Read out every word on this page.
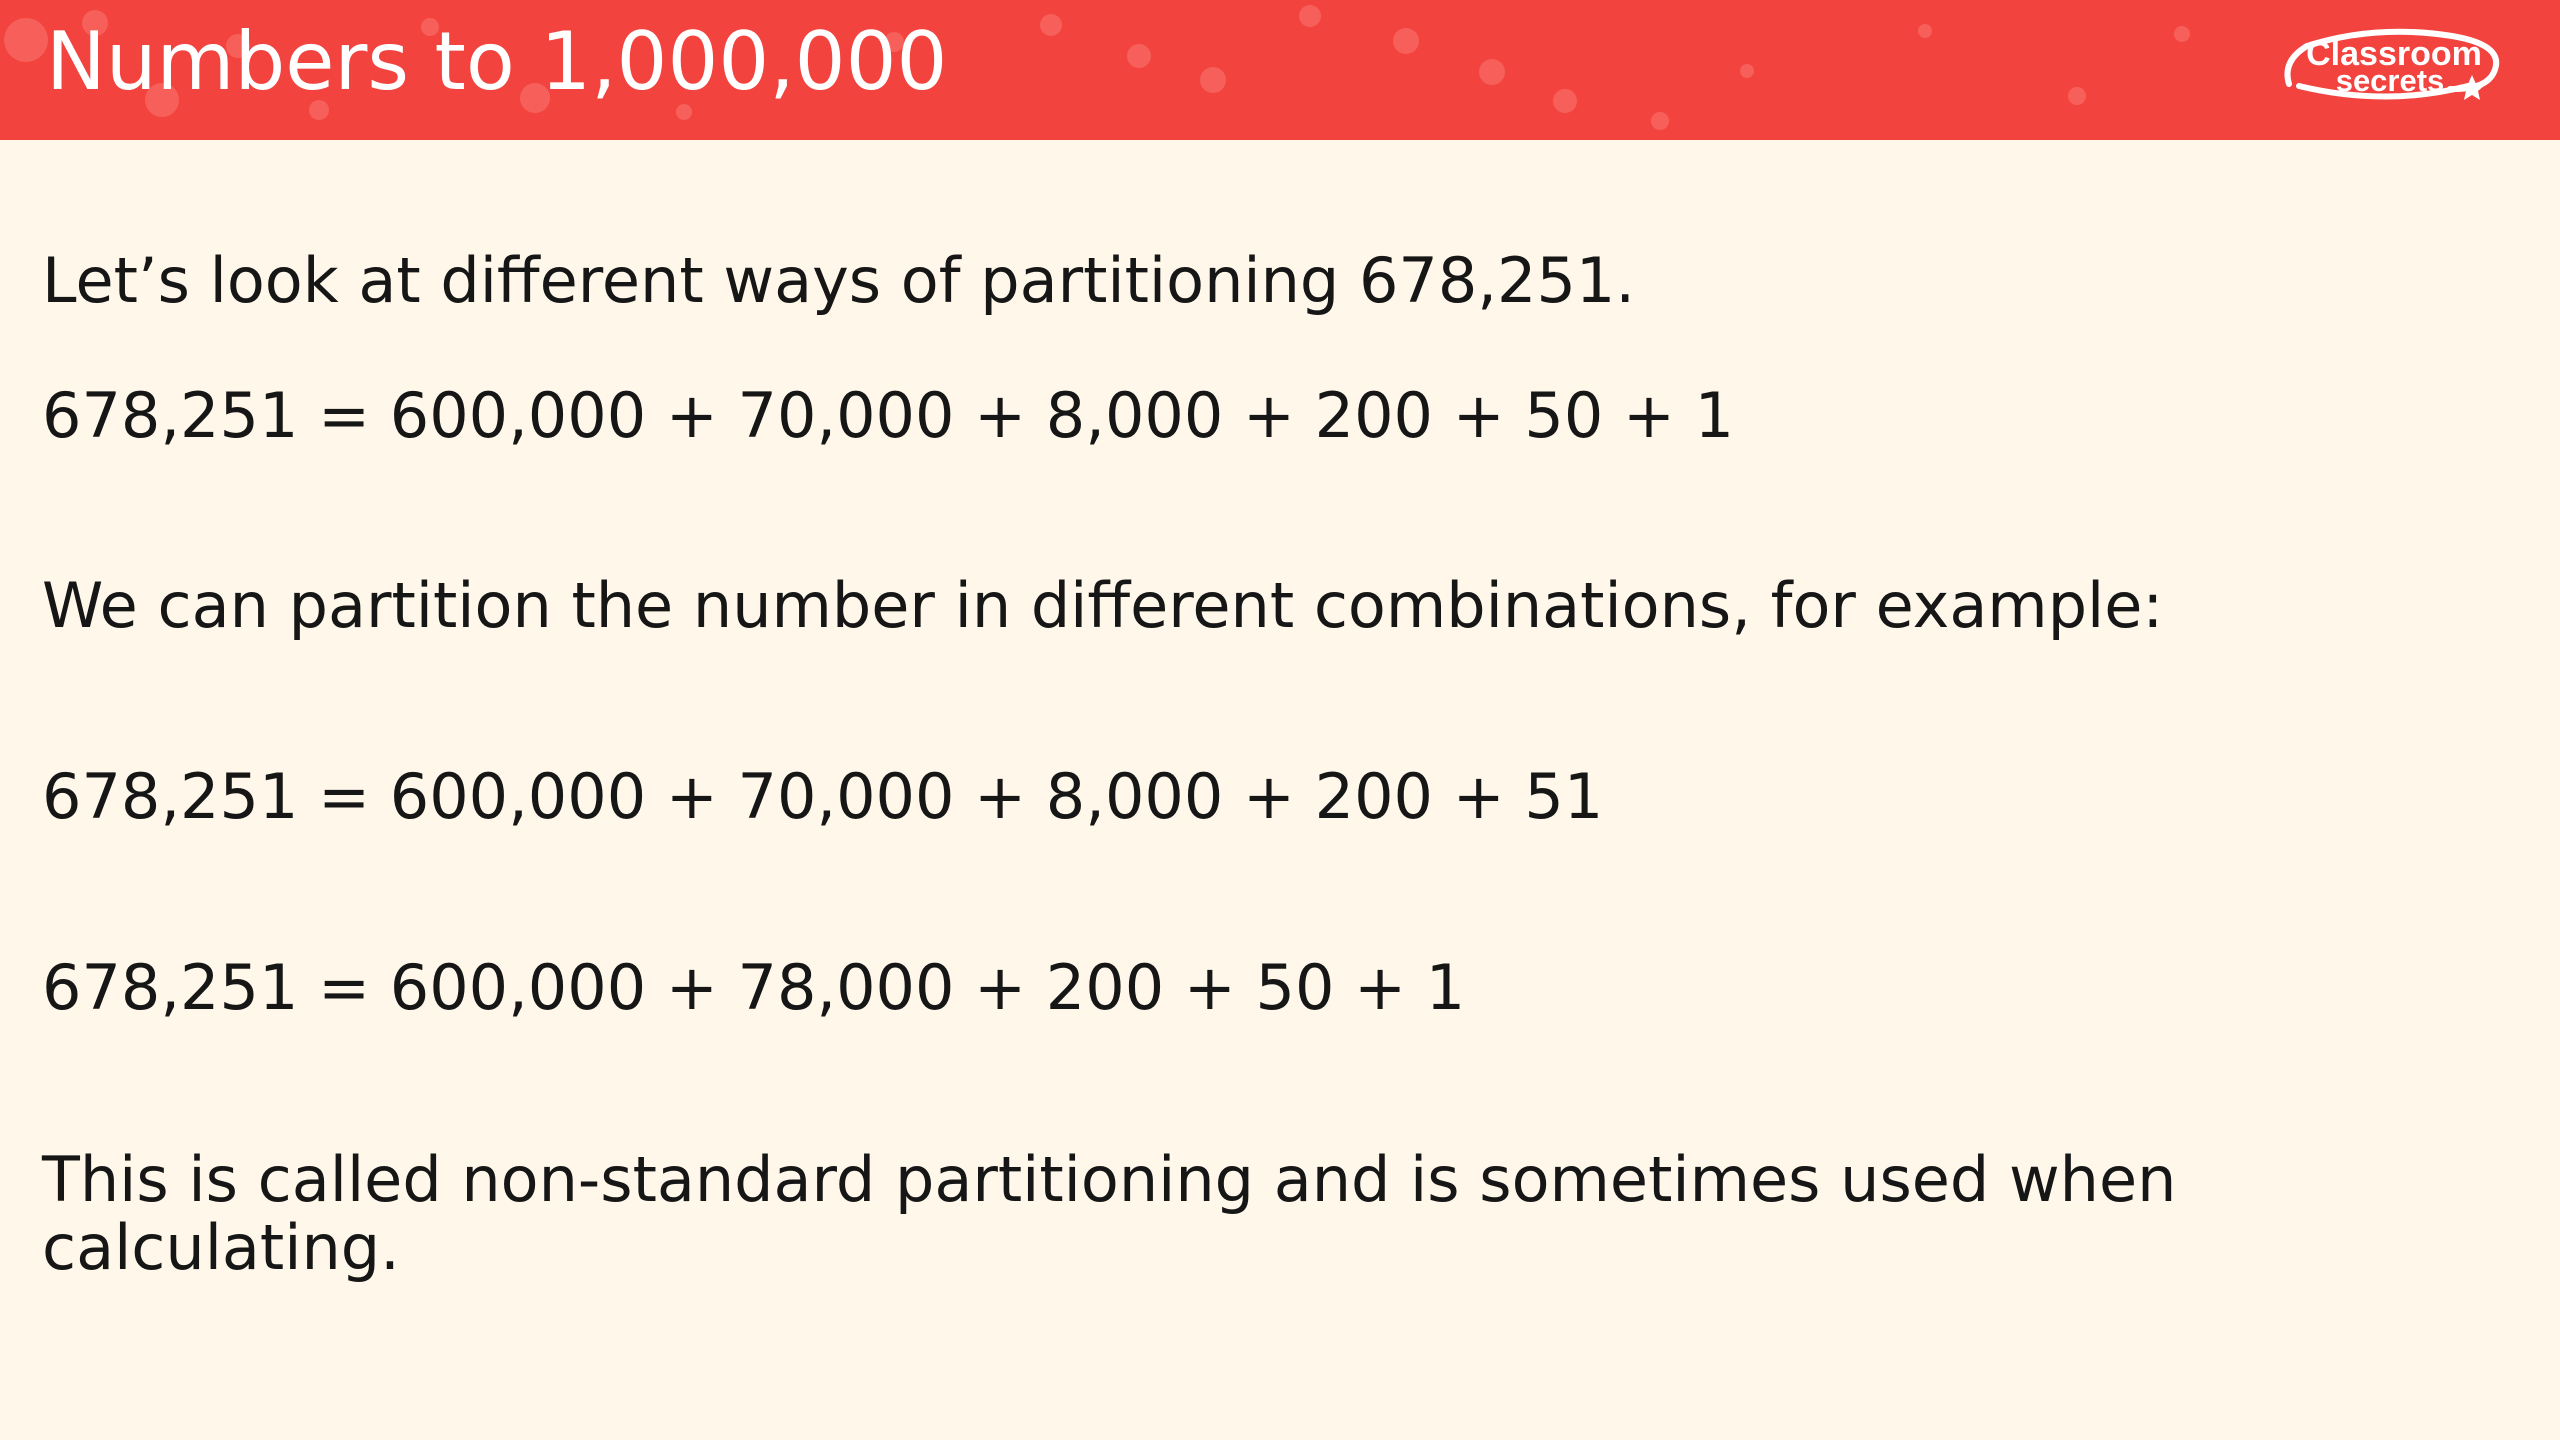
Numbers to 1,000,000	Classroom
secrets
Let’s look at different ways of partitioning 678,251.
678,251 = 600,000 + 70,000 + 8,000 + 200 + 50 + 1
We can partition the number in different combinations, for example:
678,251 = 600,000 + 70,000 + 8,000 + 200 + 51
678,251 = 600,000 + 78,000 + 200 + 50 + 1
This is called non-standard partitioning and is sometimes used when calculating.
